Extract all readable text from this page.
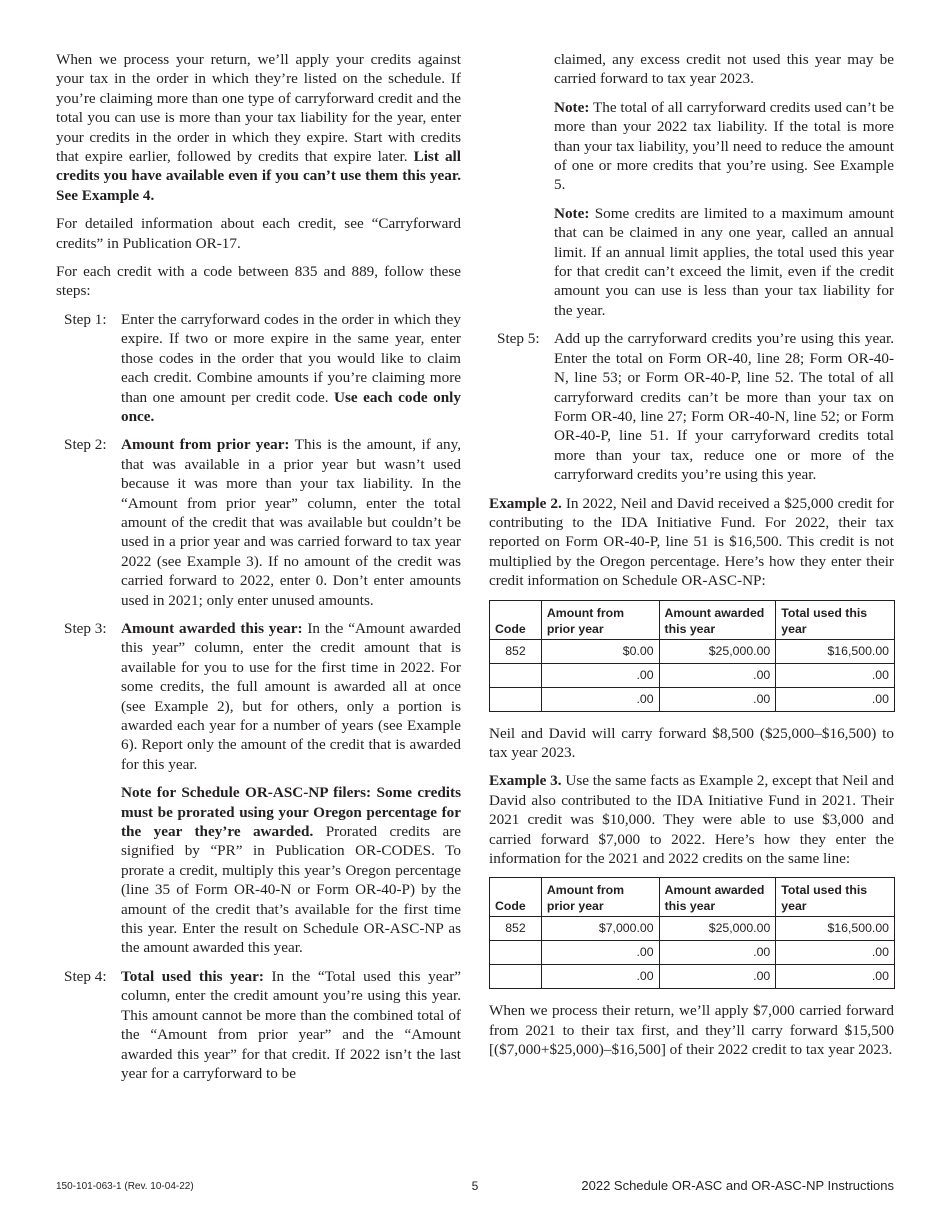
When we process your return, we’ll apply your credits against your tax in the order in which they’re listed on the schedule. If you’re claiming more than one type of carryforward credit and the total you can use is more than your tax liability for the year, enter your credits in the order in which they expire. Start with credits that expire earlier, followed by credits that expire later. List all credits you have available even if you can’t use them this year. See Example 4.

For detailed information about each credit, see “Carryforward credits” in Publication OR-17.

For each credit with a code between 835 and 889, follow these steps:

Step 1: Enter the carryforward codes in the order in which they expire. If two or more expire in the same year, enter those codes in the order that you would like to claim each credit. Combine amounts if you’re claiming more than one amount per credit code. Use each code only once.
Step 2: Amount from prior year: This is the amount, if any, that was available in a prior year but wasn’t used because it was more than your tax liability. In the “Amount from prior year” column, enter the total amount of the credit that was available but couldn’t be used in a prior year and was carried forward to tax year 2022 (see Example 3). If no amount of the credit was carried forward to 2022, enter 0. Don’t enter amounts used in 2021; only enter unused amounts.
Step 3: Amount awarded this year: In the “Amount awarded this year” column, enter the credit amount that is available for you to use for the first time in 2022. For some credits, the full amount is awarded all at once (see Example 2), but for others, only a portion is awarded each year for a number of years (see Example 6). Report only the amount of the credit that is awarded for this year.

Note for Schedule OR-ASC-NP filers: Some credits must be prorated using your Oregon percentage for the year they’re awarded. Prorated credits are signified by “PR” in Publication OR-CODES. To prorate a credit, multiply this year’s Oregon percentage (line 35 of Form OR-40-N or Form OR-40-P) by the amount of the credit that’s available for the first time this year. Enter the result on Schedule OR-ASC-NP as the amount awarded this year.

Step 4: Total used this year: In the “Total used this year” column, enter the credit amount you’re using this year. This amount cannot be more than the combined total of the “Amount from prior year” and the “Amount awarded this year” for that credit. If 2022 isn’t the last year for a carryforward to be

claimed, any excess credit not used this year may be carried forward to tax year 2023.

Note: The total of all carryforward credits used can’t be more than your 2022 tax liability. If the total is more than your tax liability, you’ll need to reduce the amount of one or more credits that you’re using. See Example 5.

Note: Some credits are limited to a maximum amount that can be claimed in any one year, called an annual limit. If an annual limit applies, the total used this year for that credit can’t exceed the limit, even if the credit amount you can use is less than your tax liability for the year.

Step 5: Add up the carryforward credits you’re using this year. Enter the total on Form OR-40, line 28; Form OR-40-N, line 53; or Form OR-40-P, line 52. The total of all carryforward credits can’t be more than your tax on Form OR-40, line 27; Form OR-40-N, line 52; or Form OR-40-P, line 51. If your carryforward credits total more than your tax, reduce one or more of the carryforward credits you’re using this year.

Example 2. In 2022, Neil and David received a $25,000 credit for contributing to the IDA Initiative Fund. For 2022, their tax reported on Form OR-40-P, line 51 is $16,500. This credit is not multiplied by the Oregon percentage. Here’s how they enter their credit information on Schedule OR-ASC-NP:

Code	Amount from prior year	Amount awarded this year	Total used this year
852	$0.00	$25,000.00	$16,500.00
	.00	.00	.00
	.00	.00	.00

Neil and David will carry forward $8,500 ($25,000–$16,500) to tax year 2023.

Example 3. Use the same facts as Example 2, except that Neil and David also contributed to the IDA Initiative Fund in 2021. Their 2021 credit was $10,000. They were able to use $3,000 and carried forward $7,000 to 2022. Here’s how they enter the information for the 2021 and 2022 credits on the same line:

Code	Amount from prior year	Amount awarded this year	Total used this year
852	$7,000.00	$25,000.00	$16,500.00
	.00	.00	.00
	.00	.00	.00

When we process their return, we’ll apply $7,000 carried forward from 2021 to their tax first, and they’ll carry forward $15,500 [($7,000+$25,000)–$16,500] of their 2022 credit to tax year 2023.

150-101-063-1 (Rev. 10-04-22)	5	2022 Schedule OR-ASC and OR-ASC-NP Instructions
